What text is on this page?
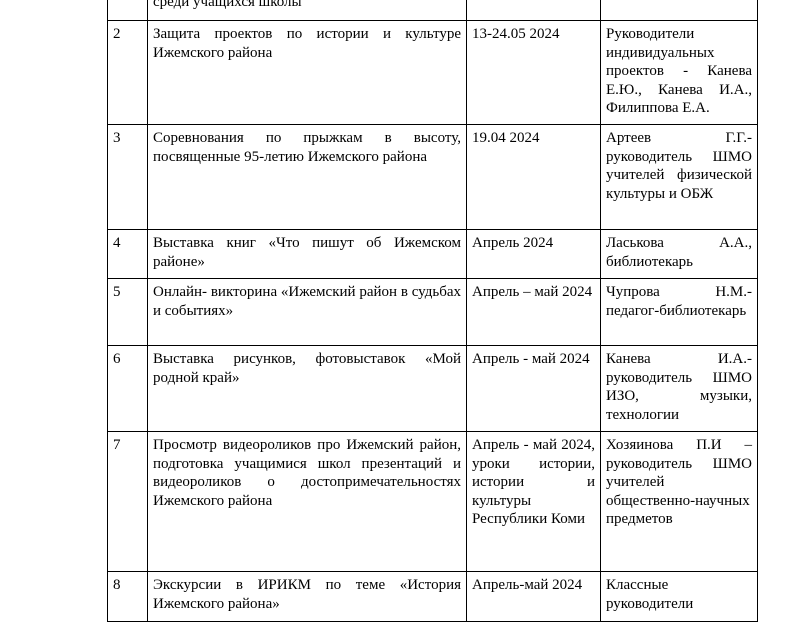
	среди учащихся школы		
2	Защита проектов по истории и культуре Ижемского района	13-24.05 2024	Руководители индивидуальных проектов - Канева Е.Ю., Канева И.А., Филиппова Е.А.
3	Соревнования по прыжкам в высоту, посвященные 95-летию Ижемского района	19.04 2024	Артеев Г.Г.- руководитель ШМО учителей физической культуры и ОБЖ
4	Выставка книг «Что пишут об Ижемском районе»	Апрель 2024	Ласькова А.А., библиотекарь
5	Онлайн- викторина «Ижемский район в судьбах и событиях»	Апрель – май 2024	Чупрова Н.М.- педагог-библиотекарь
6	Выставка рисунков, фотовыставок «Мой родной край»	Апрель - май 2024	Канева И.А.- руководитель ШМО ИЗО, музыки, технологии
7	Просмотр видеороликов про Ижемский район, подготовка учащимися школ презентаций и видеороликов о достопримечательностях Ижемского района	Апрель - май 2024, уроки истории, истории и культуры Республики Коми	Хозяинова П.И – руководитель ШМО учителей общественно-научных предметов
8	Экскурсии в ИРИКМ по теме «История Ижемского района»	Апрель-май 2024	Классные руководители
